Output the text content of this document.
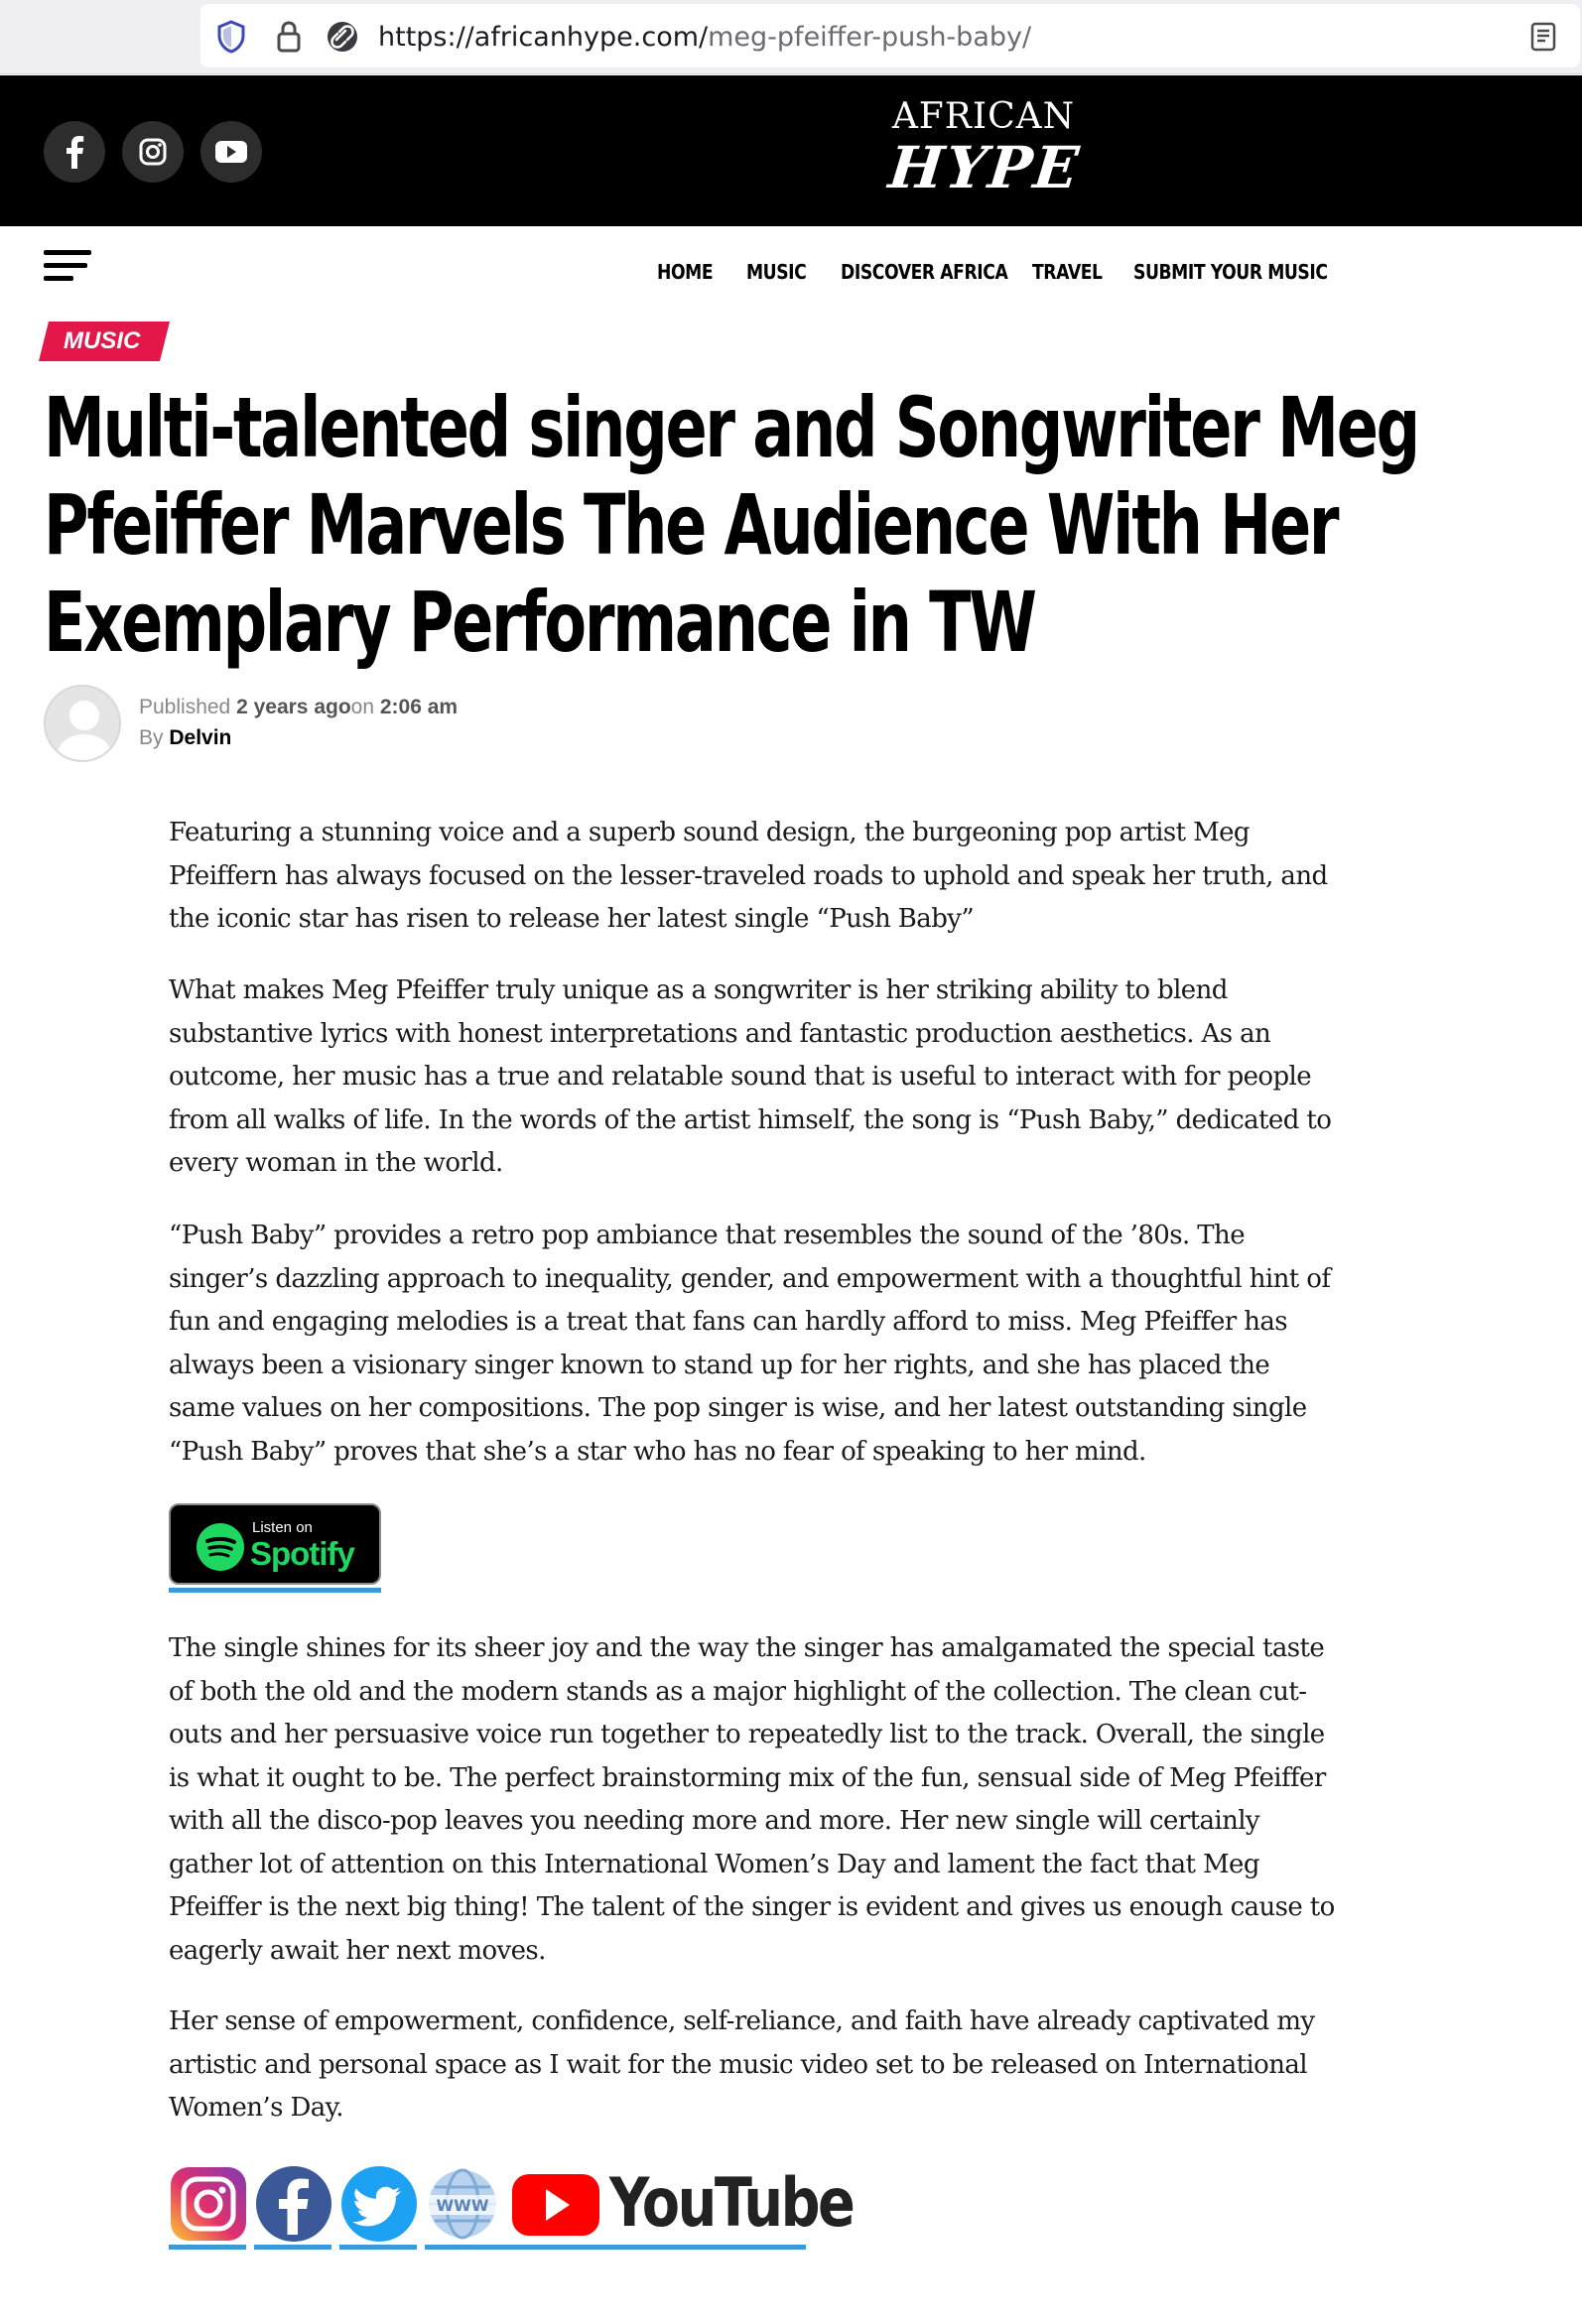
https://africanhype.com/meg-pfeiffer-push-baby/
AFRICAN
HYPE
HOME MUSIC DISCOVER AFRICA TRAVEL SUBMIT YOUR MUSIC
MUSIC
Multi-talented singer and Songwriter Meg
Pfeiffer Marvels The Audience With Her
Exemplary Performance in TW
Published 2 years agoon 2:06 am
By Delvin

Featuring a stunning voice and a superb sound design, the burgeoning pop artist Meg Pfeiffern has always focused on the lesser-traveled roads to uphold and speak her truth, and the iconic star has risen to release her latest single “Push Baby”

What makes Meg Pfeiffer truly unique as a songwriter is her striking ability to blend substantive lyrics with honest interpretations and fantastic production aesthetics. As an outcome, her music has a true and relatable sound that is useful to interact with for people from all walks of life. In the words of the artist himself, the song is “Push Baby,” dedicated to every woman in the world.

“Push Baby” provides a retro pop ambiance that resembles the sound of the ’80s. The singer’s dazzling approach to inequality, gender, and empowerment with a thoughtful hint of fun and engaging melodies is a treat that fans can hardly afford to miss. Meg Pfeiffer has always been a visionary singer known to stand up for her rights, and she has placed the same values on her compositions. The pop singer is wise, and her latest outstanding single “Push Baby” proves that she’s a star who has no fear of speaking to her mind.

Listen on
Spotify

The single shines for its sheer joy and the way the singer has amalgamated the special taste of both the old and the modern stands as a major highlight of the collection. The clean cut-outs and her persuasive voice run together to repeatedly list to the track. Overall, the single is what it ought to be. The perfect brainstorming mix of the fun, sensual side of Meg Pfeiffer with all the disco-pop leaves you needing more and more. Her new single will certainly gather lot of attention on this International Women’s Day and lament the fact that Meg Pfeiffer is the next big thing! The talent of the singer is evident and gives us enough cause to eagerly await her next moves.

Her sense of empowerment, confidence, self-reliance, and faith have already captivated my artistic and personal space as I wait for the music video set to be released on International Women’s Day.

WWW YouTube
